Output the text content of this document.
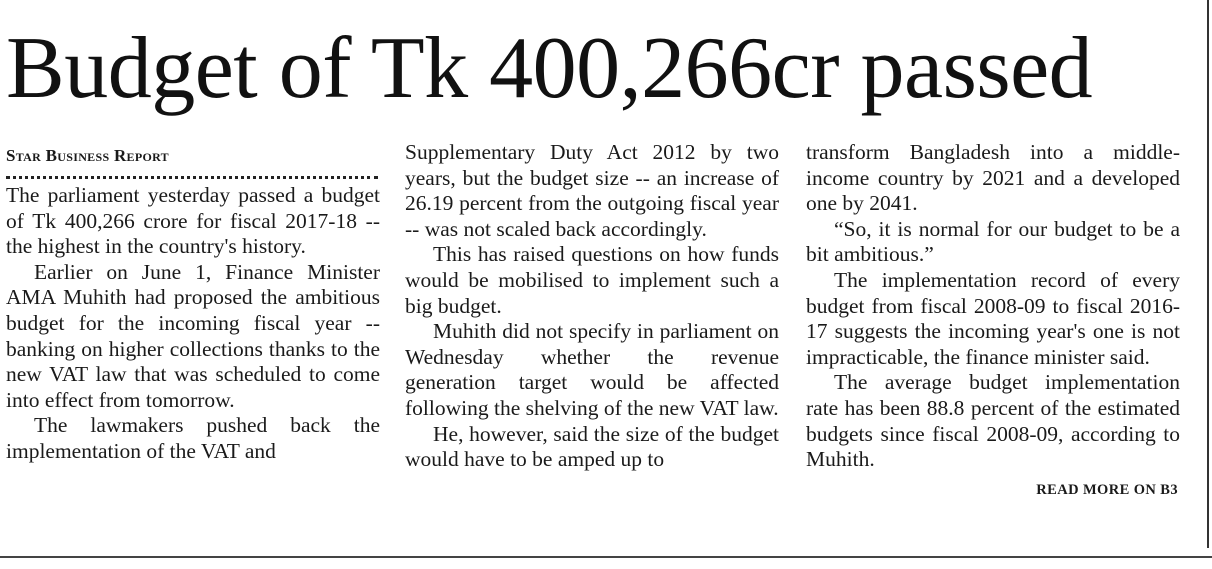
Budget of Tk 400,266cr passed
Star Business Report

The parliament yesterday passed a budget of Tk 400,266 crore for fiscal 2017-18 -- the highest in the country's history.

Earlier on June 1, Finance Minister AMA Muhith had proposed the ambitious budget for the incoming fiscal year -- banking on higher collections thanks to the new VAT law that was scheduled to come into effect from tomorrow.

The lawmakers pushed back the implementation of the VAT and

Supplementary Duty Act 2012 by two years, but the budget size -- an increase of 26.19 percent from the outgoing fiscal year -- was not scaled back accordingly.

This has raised questions on how funds would be mobilised to implement such a big budget.

Muhith did not specify in parliament on Wednesday whether the revenue generation target would be affected following the shelving of the new VAT law.

He, however, said the size of the budget would have to be amped up to

transform Bangladesh into a middle-income country by 2021 and a developed one by 2041.

“So, it is normal for our budget to be a bit ambitious.”

The implementation record of every budget from fiscal 2008-09 to fiscal 2016-17 suggests the incoming year's one is not impracticable, the finance minister said.

The average budget implementation rate has been 88.8 percent of the estimated budgets since fiscal 2008-09, according to Muhith.

READ MORE ON B3
